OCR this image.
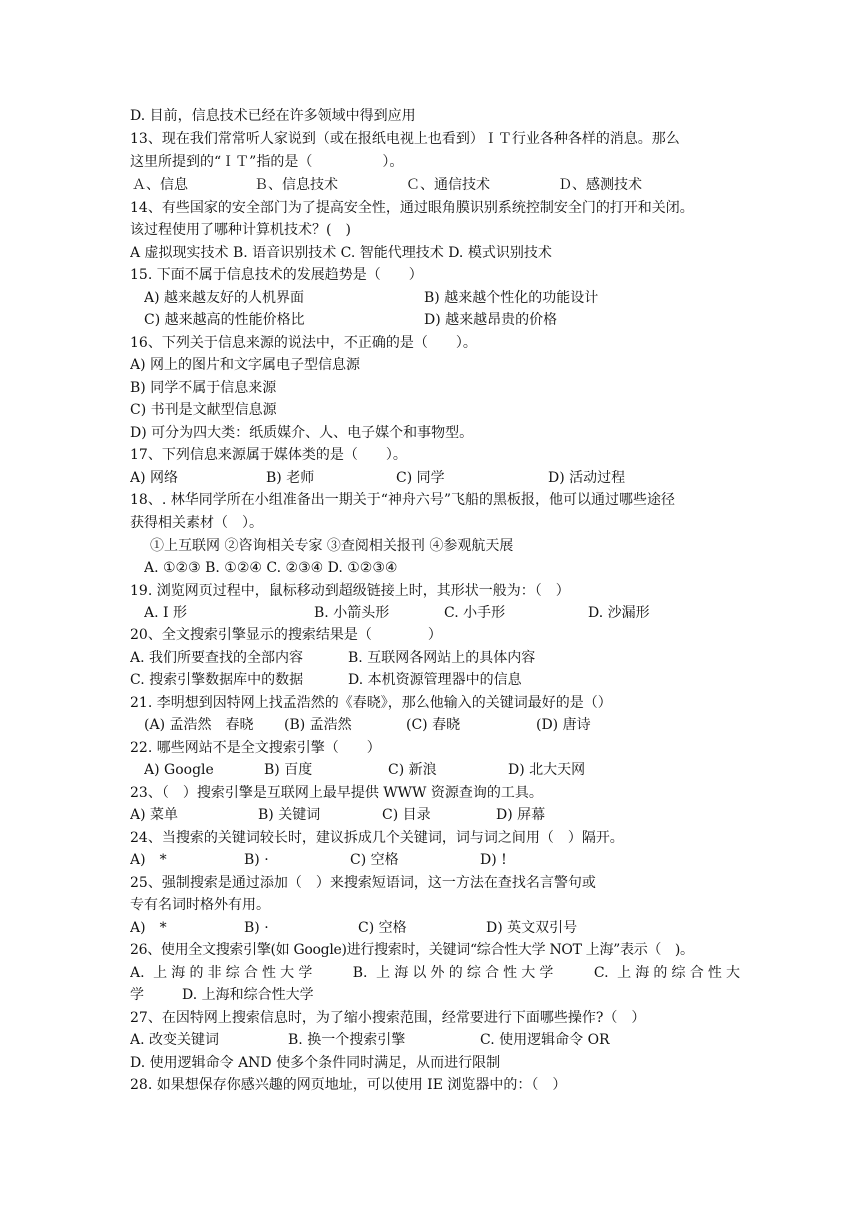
D. 目前，信息技术已经在许多领域中得到应用
13、现在我们常常听人家说到（或在报纸电视上也看到）ＩＴ行业各种各样的消息。那么
这里所提到的“ＩＴ”指的是（　　　　　）。
Ａ、信息	Ｂ、信息技术	Ｃ、通信技术	Ｄ、感测技术
14、有些国家的安全部门为了提高安全性，通过眼角膜识别系统控制安全门的打开和关闭。
该过程使用了哪种计算机技术？(　)
A 虚拟现实技术 B. 语音识别技术 C. 智能代理技术 D. 模式识别技术
15. 下面不属于信息技术的发展趋势是（　　）
A) 越来越友好的人机界面	B) 越来越个性化的功能设计
C) 越来越高的性能价格比	D) 越来越昂贵的价格
16、下列关于信息来源的说法中，不正确的是（　　）。
A) 网上的图片和文字属电子型信息源
B) 同学不属于信息来源
C) 书刊是文献型信息源
D) 可分为四大类：纸质媒介、人、电子媒个和事物型。
17、下列信息来源属于媒体类的是（　　）。
A) 网络	B) 老师	C) 同学	D) 活动过程
18、. 林华同学所在小组准备出一期关于“神舟六号”飞船的黑板报，他可以通过哪些途径
获得相关素材（　）。
①上互联网 ②咨询相关专家 ③查阅相关报刊 ④参观航天展
A. ①②③ B. ①②④ C. ②③④ D. ①②③④
19. 浏览网页过程中，鼠标移动到超级链接上时，其形状一般为：（　）
A. I 形	B. 小箭头形	C. 小手形	D. 沙漏形
20、全文搜索引擎显示的搜索结果是（　　　　）
A. 我们所要查找的全部内容	B. 互联网各网站上的具体内容
C. 搜索引擎数据库中的数据	D. 本机资源管理器中的信息
21. 李明想到因特网上找孟浩然的《春晓》，那么他输入的关键词最好的是（）
(A) 孟浩然　春晓 (B) 孟浩然	(C) 春晓	(D) 唐诗
22. 哪些网站不是全文搜索引擎（　　）
A) Google	B) 百度	C) 新浪	D) 北大天网
23、（　）搜索引擎是互联网上最早提供 WWW 资源查询的工具。
A) 菜单	B) 关键词	C) 目录	D) 屏幕
24、当搜索的关键词较长时，建议拆成几个关键词，词与词之间用（　）隔开。
A)　*	B) ·	C) 空格	D) !
25、强制搜索是通过添加（　）来搜索短语词，这一方法在查找名言警句或
专有名词时格外有用。
A)　*	B) ·	C) 空格	D) 英文双引号
26、使用全文搜索引擎(如 Google)进行搜索时，关键词“综合性大学 NOT 上海”表示（　)。
A. 上海的非综合性大学　　B. 上海以外的综合性大学　　C. 上海的综合性大
学	D. 上海和综合性大学
27、在因特网上搜索信息时，为了缩小搜索范围，经常要进行下面哪些操作?（　）
A. 改变关键词	B. 换一个搜索引擎	C. 使用逻辑命令 OR
D. 使用逻辑命令 AND 使多个条件同时满足，从而进行限制
28. 如果想保存你感兴趣的网页地址，可以使用 IE 浏览器中的：（　）
